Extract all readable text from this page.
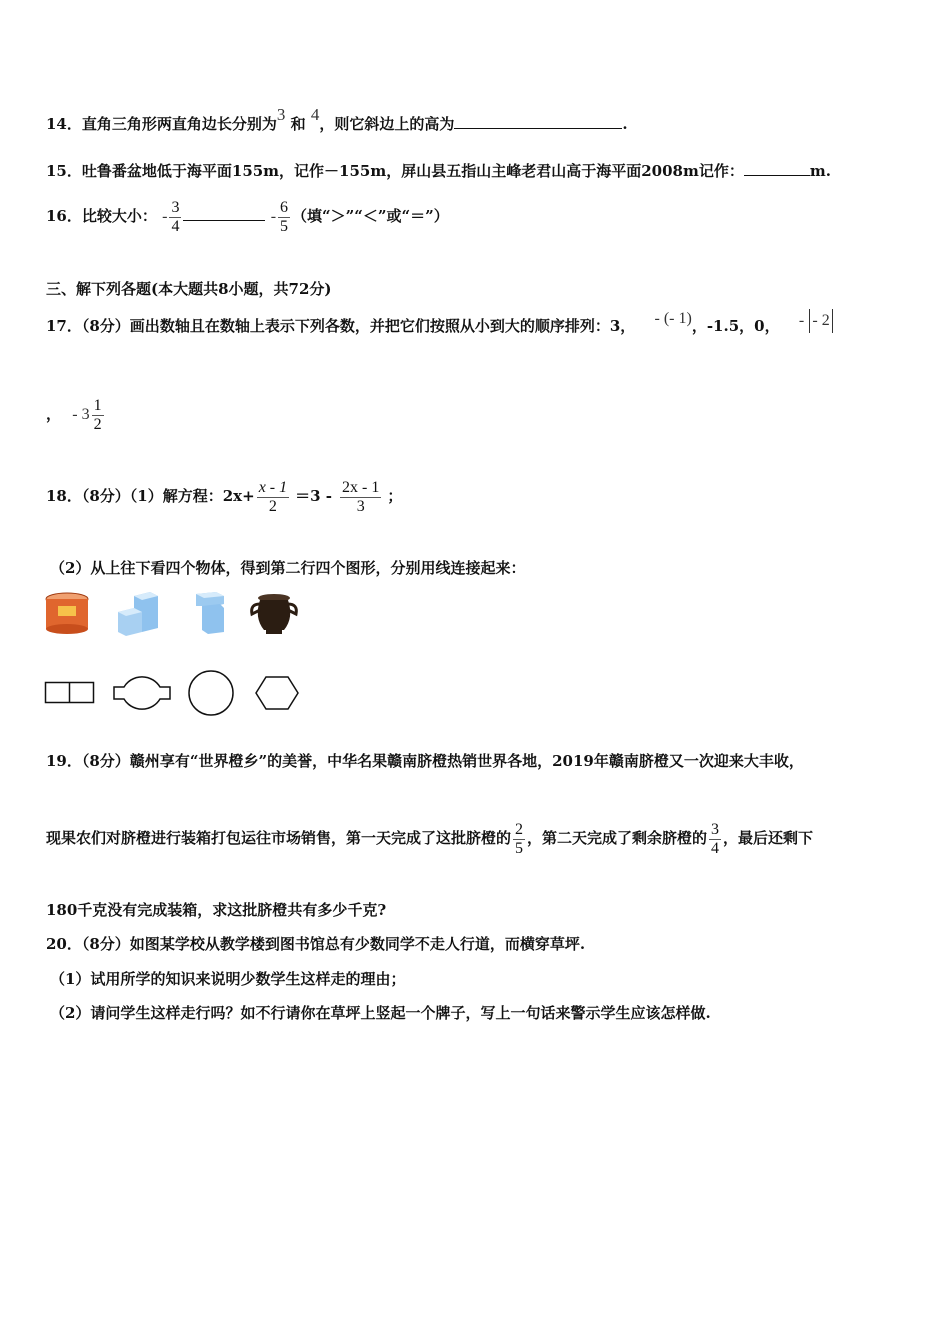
14．直角三角形两直角边长分别为3 和 4，则它斜边上的高为	.
15．吐鲁番盆地低于海平面155m，记作－155m，屏山县五指山主峰老君山高于海平面2008m记作：	m.
16．比较大小： - $\frac{3}{4}$	- $\frac{6}{5}$ （填“＞”“＜”或“＝”）
三、解下列各题(本大题共8小题，共72分)
17．（8分）画出数轴且在数轴上表示下列各数，并把它们按照从小到大的顺序排列：3， - (- 1)，-1.5，0， - - 2
， - $3 \frac{1}{2}$
18．（8分）（1）解方程：$2x+ \frac{x - 1}{2} =3 - \frac{2x - 1}{3}$ ；
（2）从上往下看四个物体，得到第二行四个图形，分别用线连接起来：
19．（8分）赣州享有“世界橙乡”的美誉，中华名果赣南脐橙热销世界各地，2019年赣南脐橙又一次迎来大丰收，
现果农们对脐橙进行装箱打包运往市场销售，第一天完成了这批脐橙的 $\frac{2}{5}$ ，第二天完成了剩余脐橙的 $\frac{3}{4}$ ，最后还剩下
180千克没有完成装箱，求这批脐橙共有多少千克?
20．（8分）如图某学校从教学楼到图书馆总有少数同学不走人行道，而横穿草坪.
（1）试用所学的知识来说明少数学生这样走的理由；
（2）请问学生这样走行吗？如不行请你在草坪上竖起一个牌子，写上一句话来警示学生应该怎样做.
